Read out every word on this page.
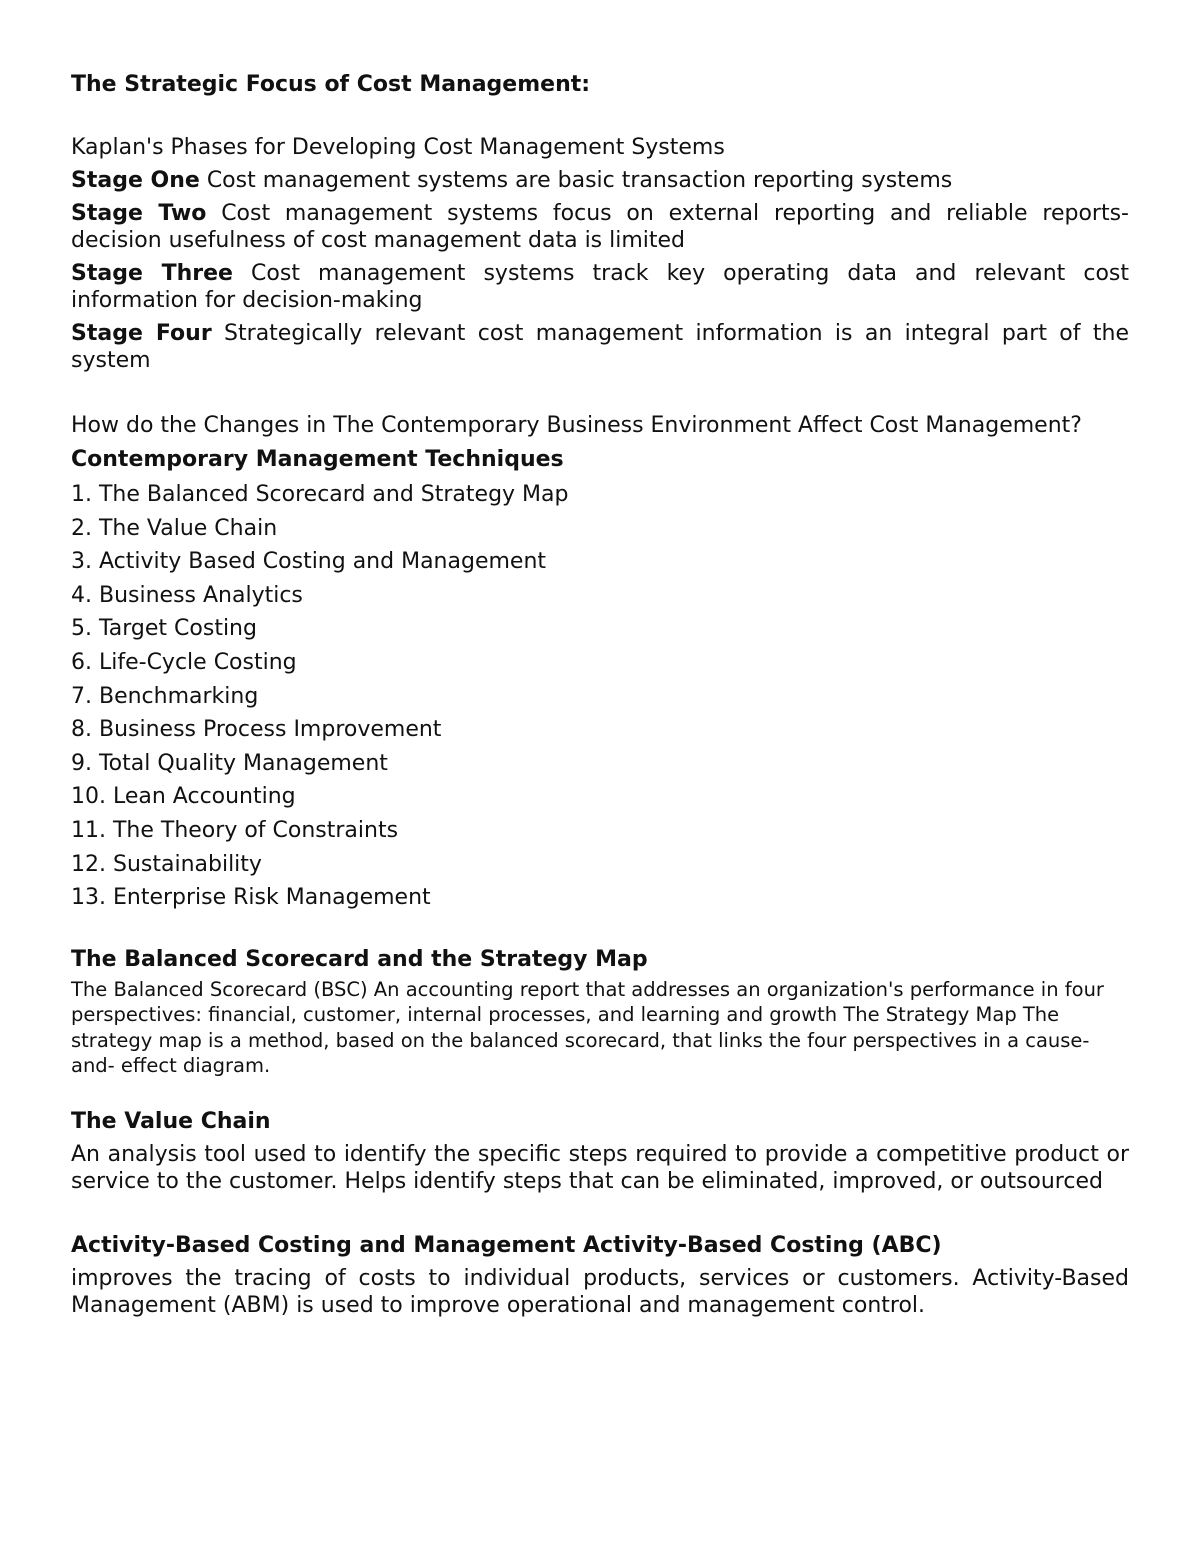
The Strategic Focus of Cost Management:
Kaplan's Phases for Developing Cost Management Systems
Stage One Cost management systems are basic transaction reporting systems
Stage Two Cost management systems focus on external reporting and reliable reports-decision usefulness of cost management data is limited
Stage Three Cost management systems track key operating data and relevant cost information for decision-making
Stage Four Strategically relevant cost management information is an integral part of the system
How do the Changes in The Contemporary Business Environment Affect Cost Management?
Contemporary Management Techniques
1. The Balanced Scorecard and Strategy Map
2. The Value Chain
3. Activity Based Costing and Management
4. Business Analytics
5. Target Costing
6. Life-Cycle Costing
7. Benchmarking
8. Business Process Improvement
9. Total Quality Management
10. Lean Accounting
11. The Theory of Constraints
12. Sustainability
13. Enterprise Risk Management
The Balanced Scorecard and the Strategy Map
The Balanced Scorecard (BSC) An accounting report that addresses an organization's performance in four perspectives: financial, customer, internal processes, and learning and growth The Strategy Map The strategy map is a method, based on the balanced scorecard, that links the four perspectives in a cause-and- effect diagram.
The Value Chain
An analysis tool used to identify the specific steps required to provide a competitive product or service to the customer. Helps identify steps that can be eliminated, improved, or outsourced
Activity-Based Costing and Management Activity-Based Costing (ABC)
improves the tracing of costs to individual products, services or customers. Activity-Based Management (ABM) is used to improve operational and management control.
